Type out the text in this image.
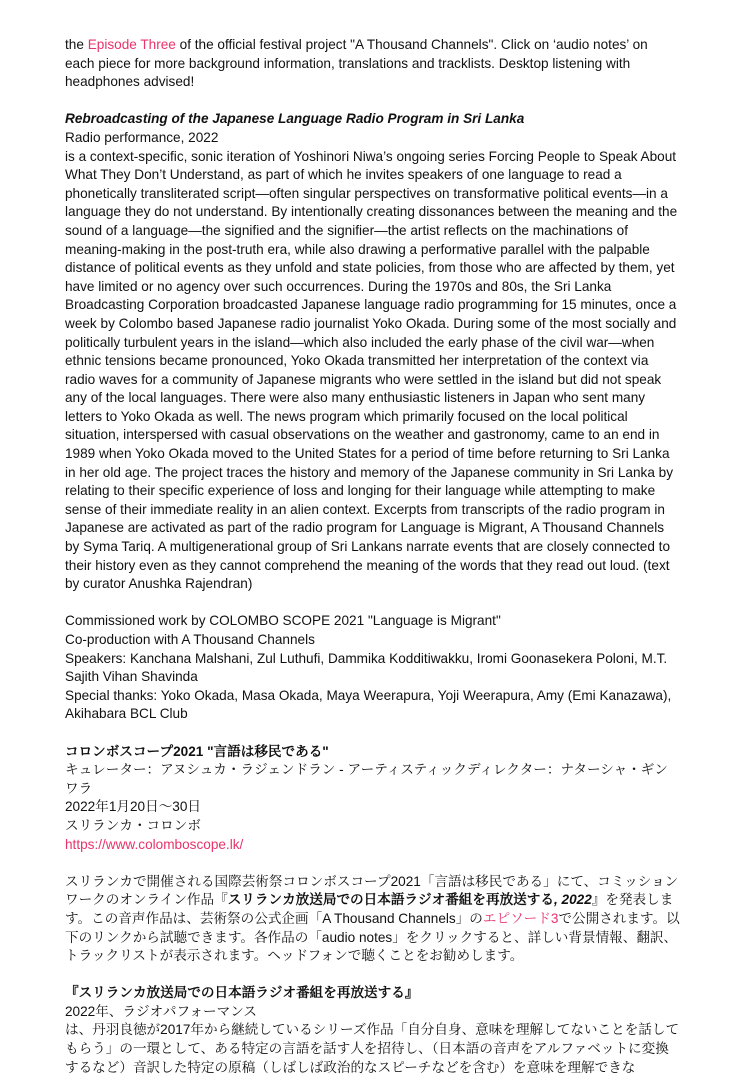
the Episode Three of the official festival project "A Thousand Channels". Click on ‘audio notes’ on each piece for more background information, translations and tracklists. Desktop listening with headphones advised!

Rebroadcasting of the Japanese Language Radio Program in Sri Lanka
Radio performance, 2022
is a context-specific, sonic iteration of Yoshinori Niwa’s ongoing series Forcing People to Speak About What They Don’t Understand, as part of which he invites speakers of one language to read a phonetically transliterated script—often singular perspectives on transformative political events—in a language they do not understand. By intentionally creating dissonances between the meaning and the sound of a language—the signified and the signifier—the artist reflects on the machinations of meaning-making in the post-truth era, while also drawing a performative parallel with the palpable distance of political events as they unfold and state policies, from those who are affected by them, yet have limited or no agency over such occurrences. During the 1970s and 80s, the Sri Lanka Broadcasting Corporation broadcasted Japanese language radio programming for 15 minutes, once a week by Colombo based Japanese radio journalist Yoko Okada. During some of the most socially and politically turbulent years in the island—which also included the early phase of the civil war—when ethnic tensions became pronounced, Yoko Okada transmitted her interpretation of the context via radio waves for a community of Japanese migrants who were settled in the island but did not speak any of the local languages. There were also many enthusiastic listeners in Japan who sent many letters to Yoko Okada as well. The news program which primarily focused on the local political situation, interspersed with casual observations on the weather and gastronomy, came to an end in 1989 when Yoko Okada moved to the United States for a period of time before returning to Sri Lanka in her old age. The project traces the history and memory of the Japanese community in Sri Lanka by relating to their specific experience of loss and longing for their language while attempting to make sense of their immediate reality in an alien context. Excerpts from transcripts of the radio program in Japanese are activated as part of the radio program for Language is Migrant, A Thousand Channels by Syma Tariq. A multigenerational group of Sri Lankans narrate events that are closely connected to their history even as they cannot comprehend the meaning of the words that they read out loud. (text by curator Anushka Rajendran)
Commissioned work by COLOMBO SCOPE 2021 "Language is Migrant"
Co-production with A Thousand Channels
Speakers: Kanchana Malshani, Zul Luthufi, Dammika Kodditiwakku, Iromi Goonasekera Poloni, M.T. Sajith Vihan Shavinda
Special thanks: Yoko Okada, Masa Okada, Maya Weerapura, Yoji Weerapura, Amy (Emi Kanazawa), Akihabara BCL Club
コロンボスコープ2021 "言語は移民である"
キュレーター：アヌシュカ・ラジェンドラン - アーティスティックディレクター：ナターシャ・ギンワラ
2022年1月20日〜30日
スリランカ・コロンボ
https://www.colomboscope.lk/

スリランカで開催される国際芸術祭コロンボスコープ2021「言語は移民である」にて、コミッションワークのオンライン作品『スリランカ放送局での日本語ラジオ番組を再放送する, 2022』を発表します。この音声作品は、芸術祭の公式企画「A Thousand Channels」のエピソード3で公開されます。以下のリンクから試聴できます。各作品の「audio notes」をクリックすると、詳しい背景情報、翻訳、トラックリストが表示されます。ヘッドフォンで聴くことをお勧めします。

『スリランカ放送局での日本語ラジオ番組を再放送する』
2022年、ラジオパフォーマンス
は、丹羽良徳が2017年から継続しているシリーズ作品「自分自身、意味を理解してないことを話してもらう」の一環として、ある特定の言語を話す人を招待し、（日本語の音声をアルファベットに変換するなど）音訳した特定の原稿（しばしば政治的なスピーチなどを含む）を意味を理解できな
